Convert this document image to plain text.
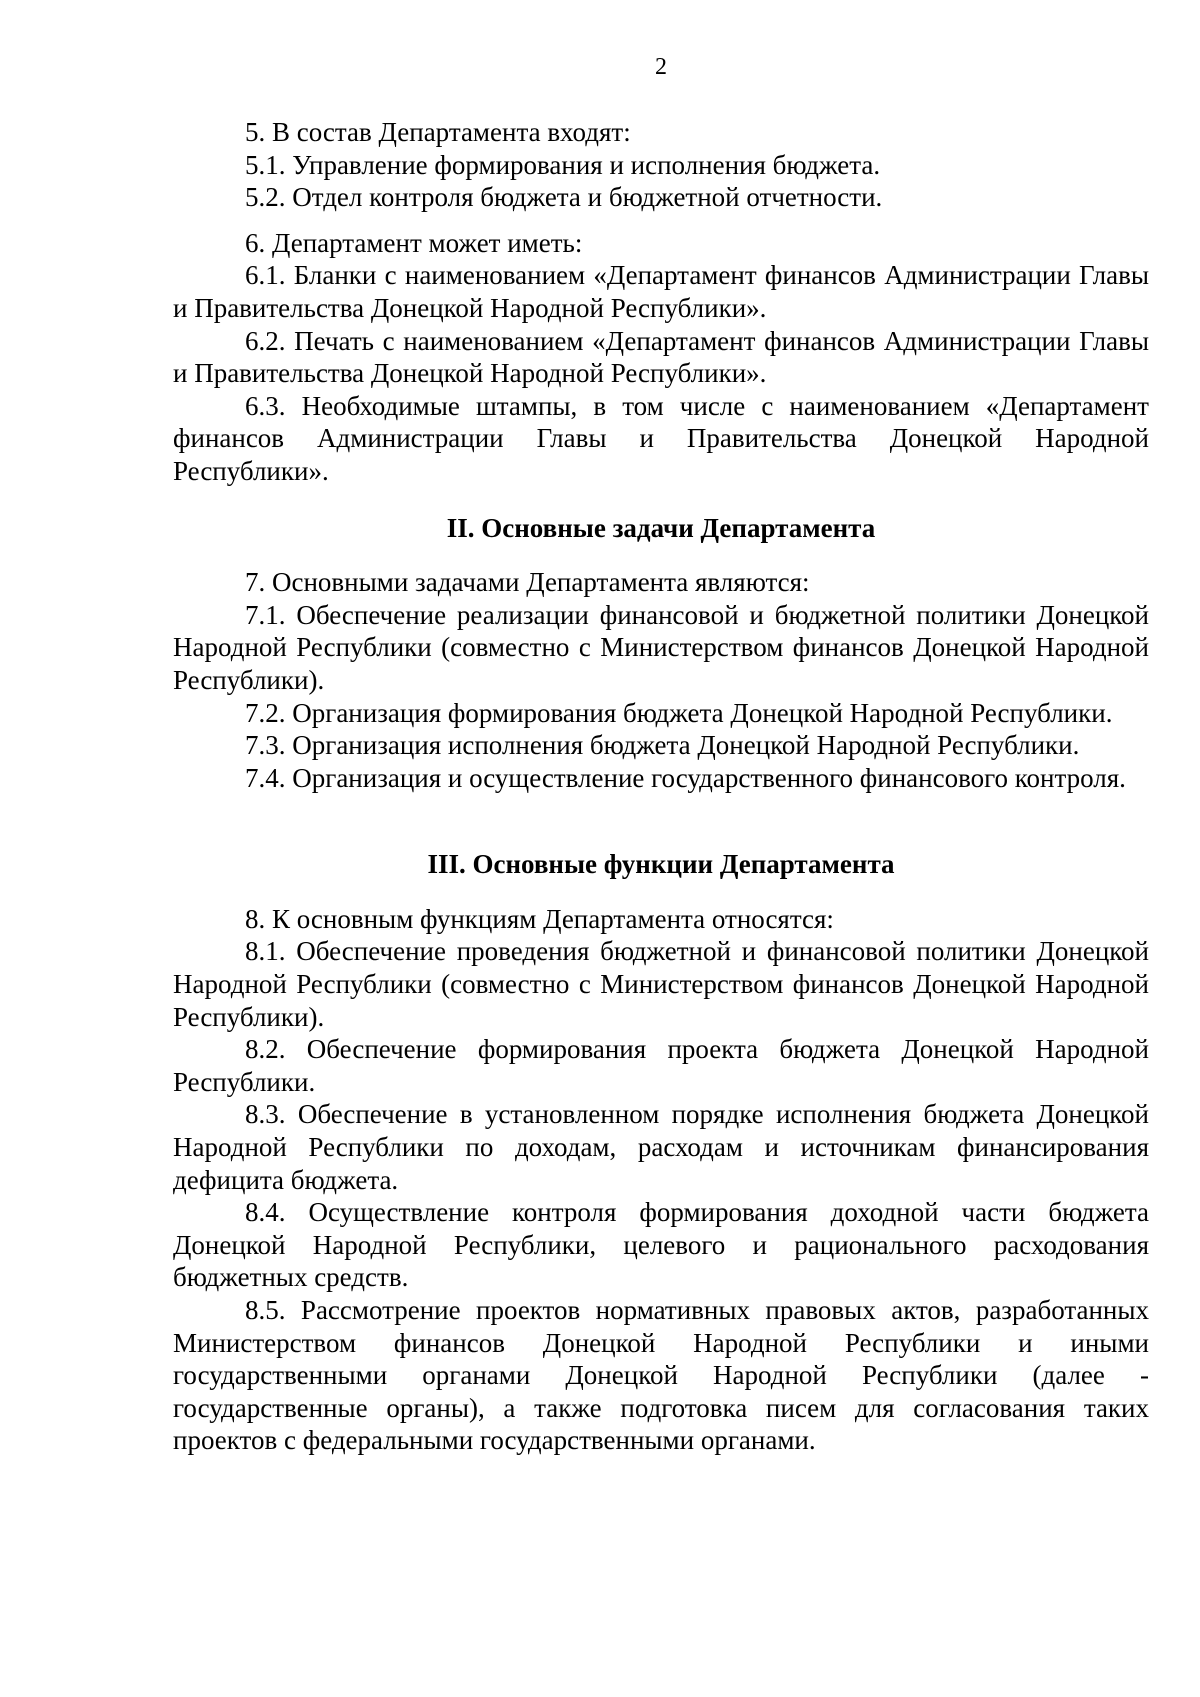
2

5. В состав Департамента входят:

5.1. Управление формирования и исполнения бюджета.

5.2. Отдел контроля бюджета и бюджетной отчетности.

6. Департамент может иметь:

6.1. Бланки с наименованием «Департамент финансов Администрации Главы и Правительства Донецкой Народной Республики».

6.2. Печать с наименованием «Департамент финансов Администрации Главы и Правительства Донецкой Народной Республики».

6.3. Необходимые штампы, в том числе с наименованием «Департамент финансов Администрации Главы и Правительства Донецкой Народной Республики».

II. Основные задачи Департамента

7. Основными задачами Департамента являются:

7.1. Обеспечение реализации финансовой и бюджетной политики Донецкой Народной Республики (совместно с Министерством финансов Донецкой Народной Республики).

7.2. Организация формирования бюджета Донецкой Народной Республики.

7.3. Организация исполнения бюджета Донецкой Народной Республики.

7.4. Организация и осуществление государственного финансового контроля.

III. Основные функции Департамента

8. К основным функциям Департамента относятся:

8.1. Обеспечение проведения бюджетной и финансовой политики Донецкой Народной Республики (совместно с Министерством финансов Донецкой Народной Республики).

8.2. Обеспечение формирования проекта бюджета Донецкой Народной Республики.

8.3. Обеспечение в установленном порядке исполнения бюджета Донецкой Народной Республики по доходам, расходам и источникам финансирования дефицита бюджета.

8.4. Осуществление контроля формирования доходной части бюджета Донецкой Народной Республики, целевого и рационального расходования бюджетных средств.

8.5. Рассмотрение проектов нормативных правовых актов, разработанных Министерством финансов Донецкой Народной Республики и иными государственными органами Донецкой Народной Республики (далее - государственные органы), а также подготовка писем для согласования таких проектов с федеральными государственными органами.
